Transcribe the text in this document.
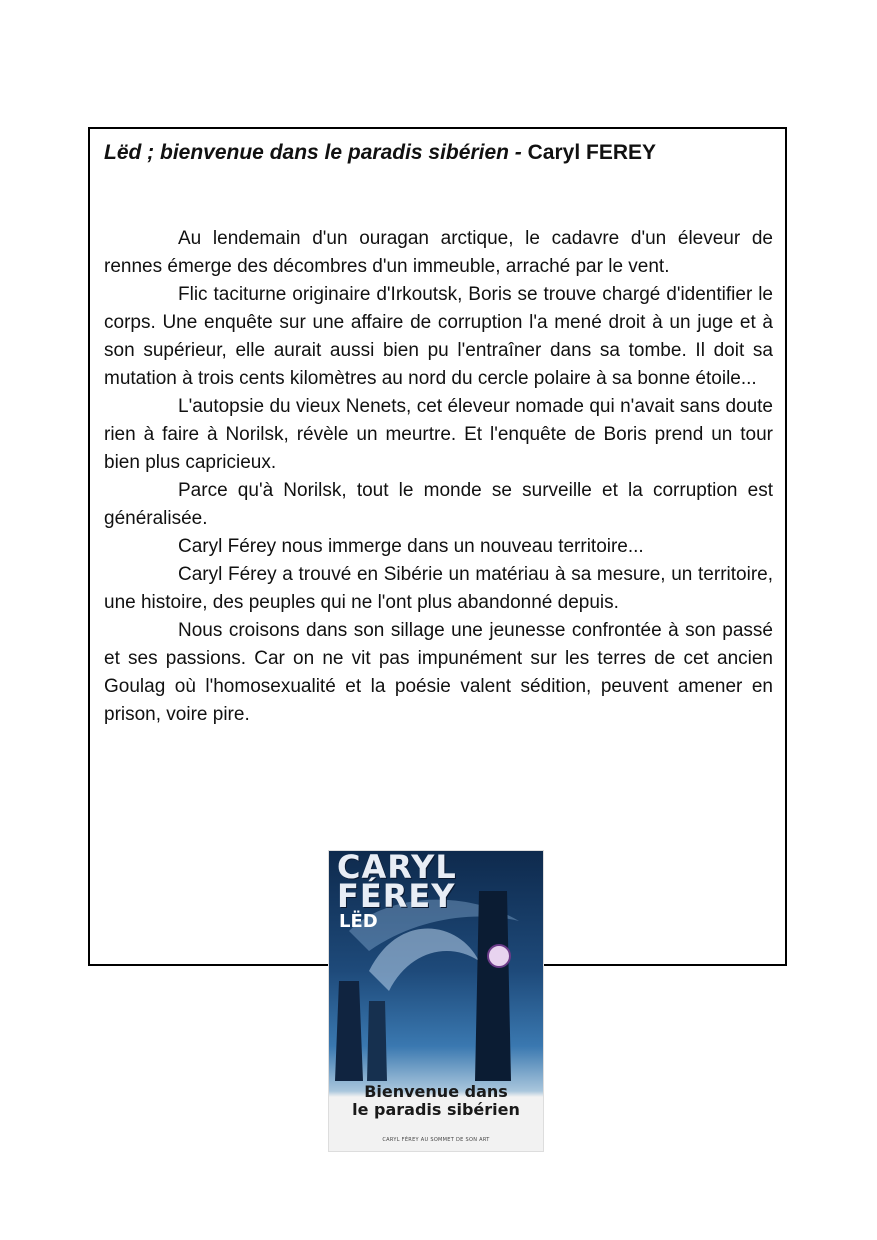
Lëd ; bienvenue dans le paradis sibérien - Caryl FEREY

Au lendemain d'un ouragan arctique, le cadavre d'un éleveur de rennes émerge des décombres d'un immeuble, arraché par le vent.

Flic taciturne originaire d'Irkoutsk, Boris se trouve chargé d'identifier le corps. Une enquête sur une affaire de corruption l'a mené droit à un juge et à son supérieur, elle aurait aussi bien pu l'entraîner dans sa tombe. Il doit sa mutation à trois cents kilomètres au nord du cercle polaire à sa bonne étoile...

L'autopsie du vieux Nenets, cet éleveur nomade qui n'avait sans doute rien à faire à Norilsk, révèle un meurtre. Et l'enquête de Boris prend un tour bien plus capricieux.

Parce qu'à Norilsk, tout le monde se surveille et la corruption est généralisée.

Caryl Férey nous immerge dans un nouveau territoire...

Caryl Férey a trouvé en Sibérie un matériau à sa mesure, un territoire, une histoire, des peuples qui ne l'ont plus abandonné depuis.

Nous croisons dans son sillage une jeunesse confrontée à son passé et ses passions. Car on ne vit pas impunément sur les terres de cet ancien Goulag où l'homosexualité et la poésie valent sédition, peuvent amener en prison, voire pire.

CARYL
FÉREY
LËD
Bienvenue dans
le paradis sibérien
CARYL FÉREY AU SOMMET DE SON ART
